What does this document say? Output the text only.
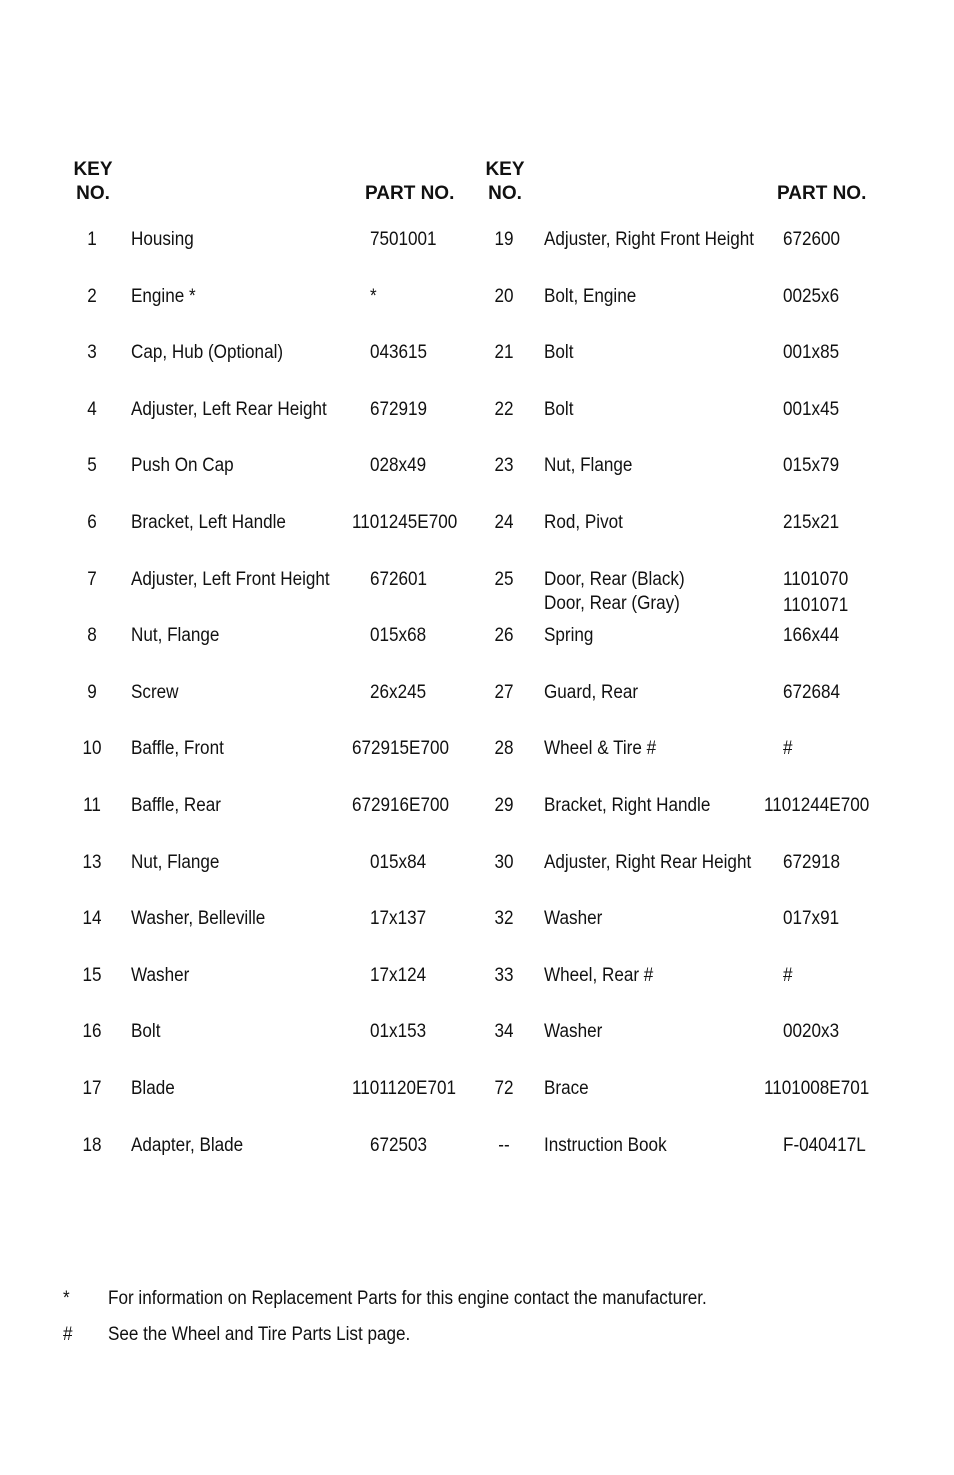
KEY
NO.	PART NO.
KEY
NO.	PART NO.
1	Housing	7501001
2	Engine *	*
3	Cap, Hub (Optional)	043615
4	Adjuster, Left Rear Height 672919
5	Push On Cap	028x49
6	Bracket, Left Handle	1101245E700
7	Adjuster, Left Front Height 672601
8	Nut, Flange	015x68
9	Screw	26x245
10	Baffle, Front	672915E700
11	Baffle, Rear	672916E700
13	Nut, Flange	015x84
14	Washer, Belleville	17x137
15	Washer	17x124
16	Bolt	01x153
17	Blade	1101120E701
18	Adapter, Blade	672503
19	Adjuster, Right Front Height 672600
20	Bolt, Engine	0025x6
21	Bolt	001x85
22	Bolt	001x45
23	Nut, Flange	015x79
24	Rod, Pivot	215x21
25	Door, Rear (Black)	1101070
Door, Rear (Gray)	1101071
26	Spring	166x44
27	Guard, Rear	672684
28	Wheel & Tire #	#
29	Bracket, Right Handle	1101244E700
30	Adjuster, Right Rear Height 672918
32	Washer	017x91
33	Wheel, Rear #	#
34	Washer	0020x3
72	Brace	1101008E701
--	Instruction Book	F-040417L
* For information on Replacement Parts for this engine contact the manufacturer.
# See the Wheel and Tire Parts List page.
